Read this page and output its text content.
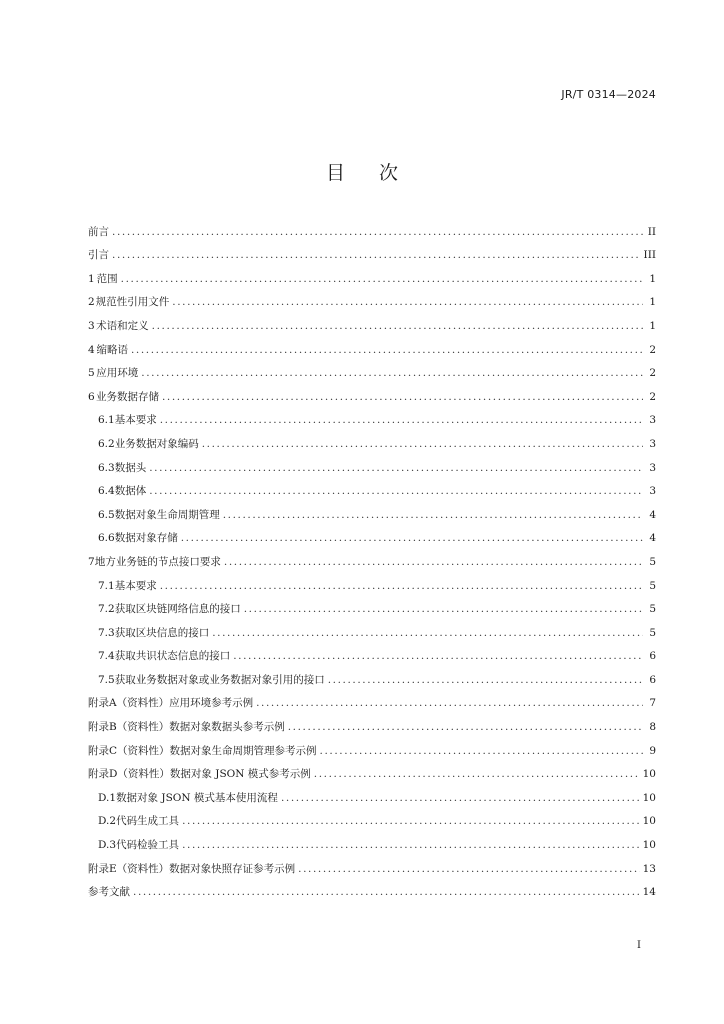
JR/T 0314—2024
目次
前言 .....	II
引言 .....	III
1 范围 .....	1
2 规范性引用文件 .....	1
3 术语和定义 .....	1
4 缩略语 .....	2
5 应用环境 .....	2
6 业务数据存储 .....	2
6.1 基本要求 .....	3
6.2 业务数据对象编码 .....	3
6.3 数据头 .....	3
6.4 数据体 .....	3
6.5 数据对象生命周期管理 .....	4
6.6 数据对象存储 .....	4
7 地方业务链的节点接口要求 .....	5
7.1 基本要求 .....	5
7.2 获取区块链网络信息的接口 .....	5
7.3 获取区块信息的接口 .....	5
7.4 获取共识状态信息的接口 .....	6
7.5 获取业务数据对象或业务数据对象引用的接口 .....	6
附录A（资料性）应用环境参考示例 .....	7
附录B（资料性）数据对象数据头参考示例 .....	8
附录C（资料性）数据对象生命周期管理参考示例 .....	9
附录D（资料性）数据对象 JSON 模式参考示例 .....	10
D.1 数据对象 JSON 模式基本使用流程 .....	10
D.2 代码生成工具 .....	10
D.3 代码检验工具 .....	10
附录E（资料性）数据对象快照存证参考示例 .....	13
参考文献 .....	14
I
